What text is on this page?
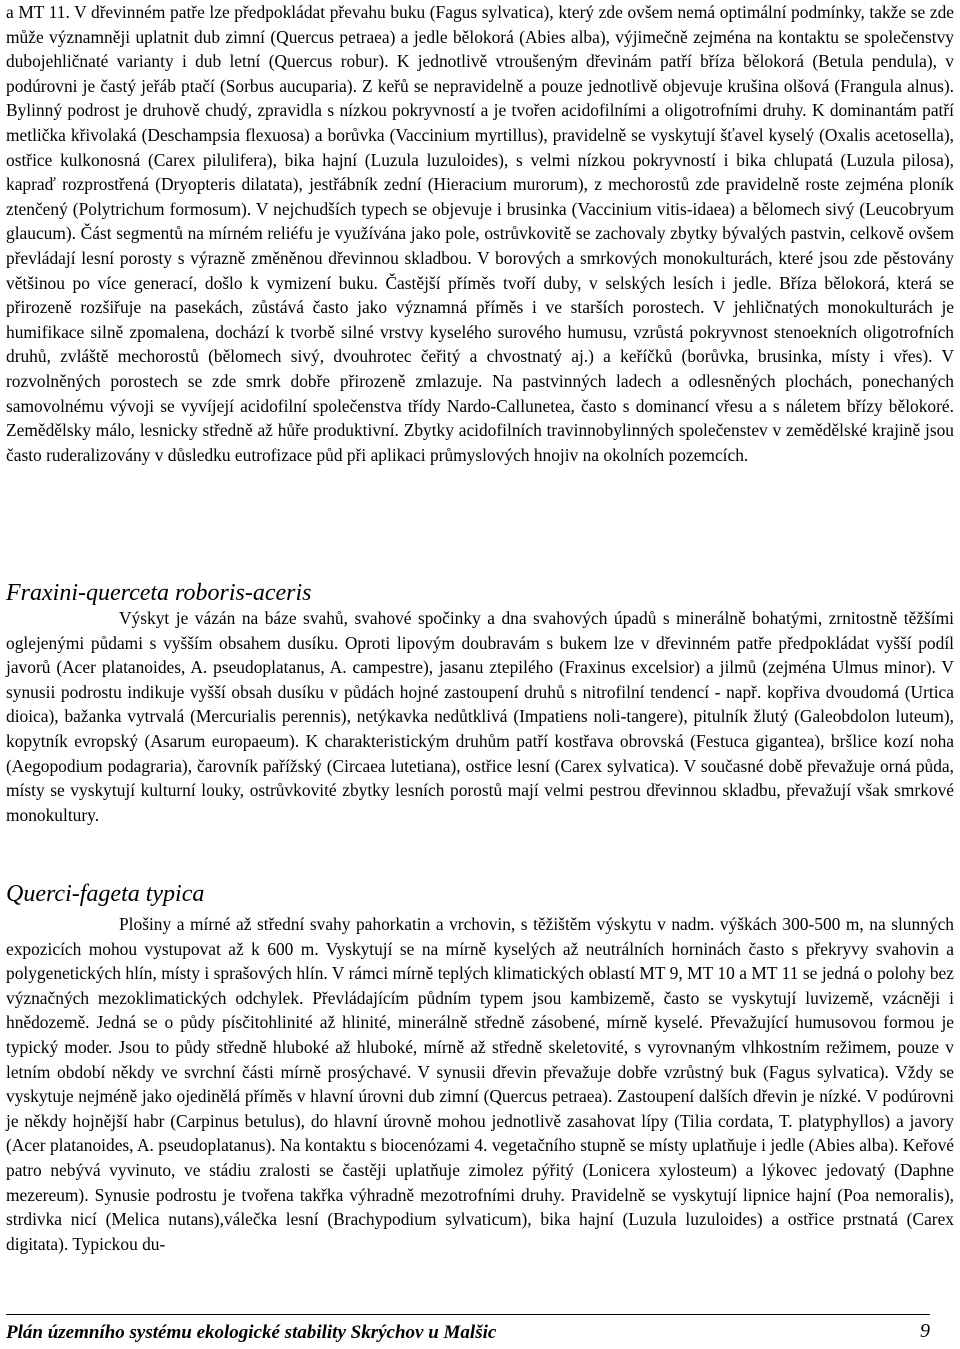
a MT 11. V dřevinném patře lze předpokládat převahu buku (Fagus sylvatica), který zde ovšem nemá optimální podmínky, takže se zde může významněji uplatnit dub zimní (Quercus petraea) a jedle bělokorá (Abies alba), výjimečně zejména na kontaktu se společenstvy dubojehličnaté varianty i dub letní (Quercus robur). K jednotlivě vtroušeným dřevinám patří bříza bělokorá (Betula pendula), v podúrovni je častý jeřáb ptačí (Sorbus aucuparia). Z keřů se nepravidelně a pouze jednotlivě objevuje krušina olšová (Frangula alnus). Bylinný podrost je druhově chudý, zpravidla s nízkou pokryvností a je tvořen acidofilními a oligotrofními druhy. K dominantám patří metlička křivolaká (Deschampsia flexuosa) a borůvka (Vaccinium myrtillus), pravidelně se vyskytují šťavel kyselý (Oxalis acetosella), ostřice kulkonosná (Carex pilulifera), bika hajní (Luzula luzuloides), s velmi nízkou pokryvností i bika chlupatá (Luzula pilosa), kapraď rozprostřená (Dryopteris dilatata), jestřábník zední (Hieracium murorum), z mechorostů zde pravidelně roste zejména ploník ztenčený (Polytrichum formosum). V nejchudších typech se objevuje i brusinka (Vaccinium vitis-idaea) a bělomech sivý (Leucobryum glaucum). Část segmentů na mírném reliéfu je využívána jako pole, ostrůvkovitě se zachovaly zbytky bývalých pastvin, celkově ovšem převládají lesní porosty s výrazně změněnou dřevinnou skladbou. V borových a smrkových monokulturách, které jsou zde pěstovány většinou po více generací, došlo k vymizení buku. Častější příměs tvoří duby, v selských lesích i jedle. Bříza bělokorá, která se přirozeně rozšiřuje na pasekách, zůstává často jako významná příměs i ve starších porostech. V jehličnatých monokulturách je humifikace silně zpomalena, dochází k tvorbě silné vrstvy kyselého surového humusu, vzrůstá pokryvnost stenoekních oligotrofních druhů, zvláště mechorostů (bělomech sivý, dvouhrotec čeřitý a chvostnatý aj.) a keříčků (borůvka, brusinka, místy i vřes). V rozvolněných porostech se zde smrk dobře přirozeně zmlazuje. Na pastvinných ladech a odlesněných plochách, ponechaných samovolnému vývoji se vyvíjejí acidofilní společenstva třídy Nardo-Callunetea, často s dominancí vřesu a s náletem břízy bělokoré. Zemědělsky málo, lesnicky středně až hůře produktivní. Zbytky acidofilních travinnobylinných společenstev v zemědělské krajině jsou často ruderalizovány v důsledku eutrofizace půd při aplikaci průmyslových hnojiv na okolních pozemcích.

Fraxini-querceta roboris-aceris

Výskyt je vázán na báze svahů, svahové spočinky a dna svahových úpadů s minerálně bohatými, zrnitostně těžšími oglejenými půdami s vyšším obsahem dusíku. Oproti lipovým doubravám s bukem lze v dřevinném patře předpokládat vyšší podíl javorů (Acer platanoides, A. pseudoplatanus, A. campestre), jasanu ztepilého (Fraxinus excelsior) a jilmů (zejména Ulmus minor). V synusii podrostu indikuje vyšší obsah dusíku v půdách hojné zastoupení druhů s nitrofilní tendencí - např. kopřiva dvoudomá (Urtica dioica), bažanka vytrvalá (Mercurialis perennis), netýkavka nedůtklivá (Impatiens noli-tangere), pitulník žlutý (Galeobdolon luteum), kopytník evropský (Asarum europaeum). K charakteristickým druhům patří kostřava obrovská (Festuca gigantea), bršlice kozí noha (Aegopodium podagraria), čarovník pařížský (Circaea lutetiana), ostřice lesní (Carex sylvatica). V současné době převažuje orná půda, místy se vyskytují kulturní louky, ostrůvkovité zbytky lesních porostů mají velmi pestrou dřevinnou skladbu, převažují však smrkové monokultury.

Querci-fageta typica

Plošiny a mírné až střední svahy pahorkatin a vrchovin, s těžištěm výskytu v nadm. výškách 300-500 m, na slunných expozicích mohou vystupovat až k 600 m. Vyskytují se na mírně kyselých až neutrálních horninách často s překryvy svahovin a polygenetických hlín, místy i sprašových hlín. V rámci mírně teplých klimatických oblastí MT 9, MT 10 a MT 11 se jedná o polohy bez význačných mezoklimatických odchylek. Převládajícím půdním typem jsou kambizemě, často se vyskytují luvizemě, vzácněji i hnědozemě. Jedná se o půdy písčitohlinité až hlinité, minerálně středně zásobené, mírně kyselé. Převažující humusovou formou je typický moder. Jsou to půdy středně hluboké až hluboké, mírně až středně skeletovité, s vyrovnaným vlhkostním režimem, pouze v letním období někdy ve svrchní části mírně prosýchavé. V synusii dřevin převažuje dobře vzrůstný buk (Fagus sylvatica). Vždy se vyskytuje nejméně jako ojedinělá příměs v hlavní úrovni dub zimní (Quercus petraea). Zastoupení dalších dřevin je nízké. V podúrovni je někdy hojnější habr (Carpinus betulus), do hlavní úrovně mohou jednotlivě zasahovat lípy (Tilia cordata, T. platyphyllos) a javory (Acer platanoides, A. pseudoplatanus). Na kontaktu s biocenózami 4. vegetačního stupně se místy uplatňuje i jedle (Abies alba). Keřové patro nebývá vyvinuto, ve stádiu zralosti se častěji uplatňuje zimolez pýřitý (Lonicera xylosteum) a lýkovec jedovatý (Daphne mezereum). Synusie podrostu je tvořena takřka výhradně mezotrofními druhy. Pravidelně se vyskytují lipnice hajní (Poa nemoralis), strdivka nicí (Melica nutans),válečka lesní (Brachypodium sylvaticum), bika hajní (Luzula luzuloides) a ostřice prstnatá (Carex digitata). Typickou du-

Plán územního systému ekologické stability Skrýchov u Malšic	9
